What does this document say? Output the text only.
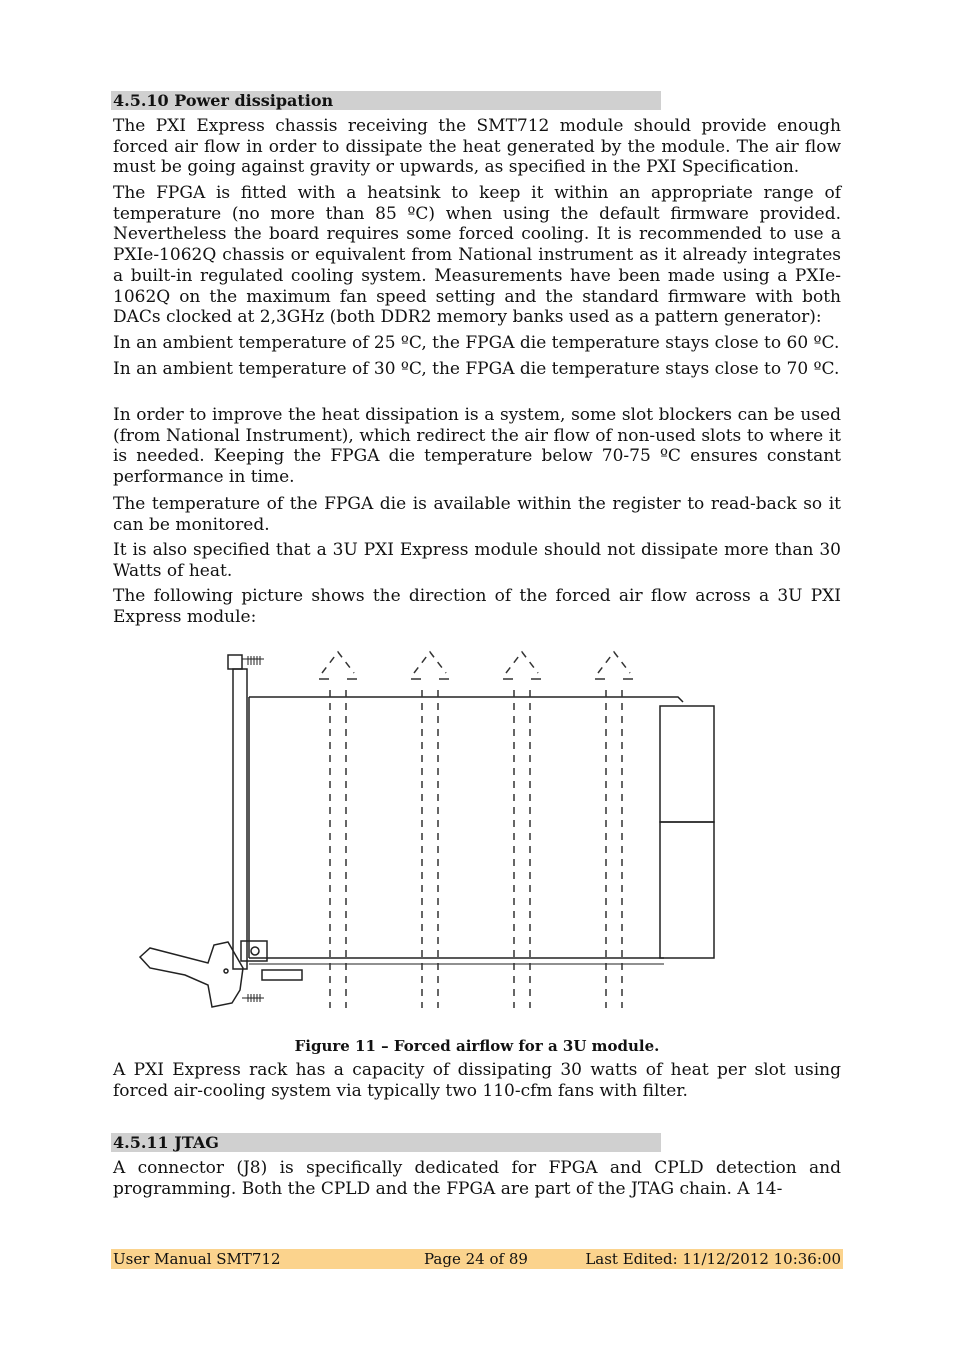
4.5.10 Power dissipation

The PXI Express chassis receiving the SMT712 module should provide enough forced air flow in order to dissipate the heat generated by the module. The air flow must be going against gravity or upwards, as specified in the PXI Specification.

The FPGA is fitted with a heatsink to keep it within an appropriate range of temperature (no more than 85 ºC) when using the default firmware provided. Nevertheless the board requires some forced cooling. It is recommended to use a PXIe-1062Q chassis or equivalent from National instrument as it already integrates a built-in regulated cooling system. Measurements have been made using a PXIe-1062Q on the maximum fan speed setting and the standard firmware with both DACs clocked at 2,3GHz (both DDR2 memory banks used as a pattern generator):

In an ambient temperature of 25 ºC, the FPGA die temperature stays close to 60 ºC.

In an ambient temperature of 30 ºC, the FPGA die temperature stays close to 70 ºC.

In order to improve the heat dissipation is a system, some slot blockers can be used (from National Instrument), which redirect the air flow of non-used slots to where it is needed. Keeping the FPGA die temperature below 70-75 ºC ensures constant performance in time.

The temperature of the FPGA die is available within the register to read-back so it can be monitored.

It is also specified that a 3U PXI Express module should not dissipate more than 30 Watts of heat.

The following picture shows the direction of the forced air flow across a 3U PXI Express module:

Figure 11 – Forced airflow for a 3U module.

A PXI Express rack has a capacity of dissipating 30 watts of heat per slot using forced air-cooling system via typically two 110-cfm fans with filter.

4.5.11 JTAG

A connector (J8) is specifically dedicated for FPGA and CPLD detection and programming. Both the CPLD and the FPGA are part of the JTAG chain. A 14-

User Manual SMT712	Page 24 of 89	Last Edited: 11/12/2012 10:36:00
